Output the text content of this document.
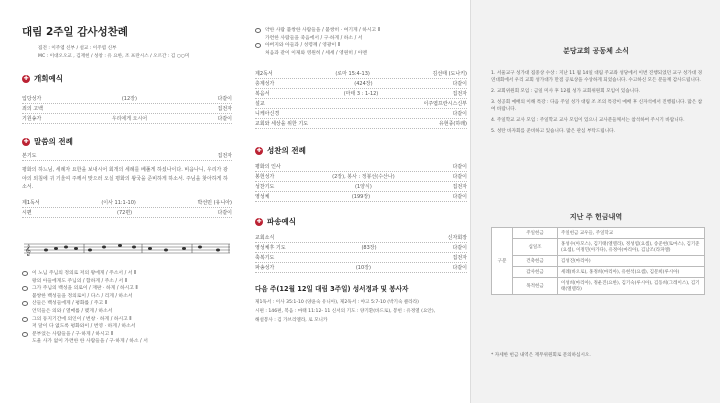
대림 2주일 감사성찬례
집전 : 이주엽 신부 / 설교 : 이주엽 신부
MC : 이대오오교 , 김재헌 / 성창 : 유 요한, 조 프란시스 / 오르간 : 김 ○○미
✚ 개회예식
입당성가	(12장)	다같이
죄의 고백	집전자
기원송가	우리에게 오시어	다같이
✚ 말씀의 전례
본기도	집전자
평화의 하느님, 세례자 요한을 보내시어 회개의 세례를 베풀게 하셨나이다. 비옵나니, 우리가 광야의 외침에 귀 기울여 주께서 맞으러 오실 평화의 왕국을 준비하게 하소서. 주님을 찾아하게 하소서.
제1독서	(이사 11:1-10)	박선민 (유니아)
시편	(72편)	다같이
𝄞
이 노님 주님의 정의로 저의 왕에게 / 주소서 / 서 Ⅱ
왕의 아들에게도 주님의 / 함하게 / 주소 / 서 Ⅱ
그가 주님의 백성을 의로이 / 재판 · 하게 / 하시고 Ⅱ
불쌍한 백성들을 정의로이 / 다스 / 리게 / 하소서
산들은 백성들에게 / 평화를 / 주고 Ⅱ
언덕들은 의와 / 열매를 / 맺게 / 하소서
그의 동지기간에 의인이 / 번창 · 하게 / 하시고 Ⅱ
저 달이 다 없도록 평화와이 / 번영 · 하게 / 하소서
분부었는 사람들을 / 구·하게 / 하시고 Ⅱ
도울 사가 없이 가련한 한 사람들을 / 구·하게 / 하소 / 서
약한 사람 불쌍한 사람들을 / 불쌍히 · 여기게 / 하시고 Ⅱ
가련한 사람들을 죽음에서 / 구·하게 / 하소 / 서
아버지와 아들과 / 성령께 / 영광이 Ⅱ
처음과 같이 이제와 영원히 / 세세 / 영원히 / 아멘
제2독서	(로마 15:4-13)	김선태 (도나키)
층계성가	(424장)	다같이
복음서	(마태 3 : 1-12)	집전자
설교	이주엽프란시스신부
니케아신경	다같이
교회와 세상을 위한 기도	유현종(하래)
✚ 성찬의 전례
평화의 인사	다같이
봉헌성가	(2장), 봉사 : 정봉선(수산나)	다같이
성찬기도	(1양식)	집전자
영성체	(199장)	다같이
✚ 파송예식
교회소식	신자회장
영성체후 기도	(83장)	다같이
축복기도	집전자
파송성가	(10장)	다같이
다음 주(12월 12일 대림 3주일) 성서정과 및 봉사자
제1독서 : 이사 35:1-10 (양윤숙 유니아), 제2독서 : 야고 5:7-10 (박기숙 클라라)
시편 : 146편, 복음 : 마태 11:12- 11 신서의 기도 : 양기환(바드로), 봉헌 : 유정열 (요안),
해설봉사 : 김 가브리엘라, 로 모니카
분당교회 공동체 소식

1. 서울교구 성가대 집중상 수상 : 지난 11 월 14일 대림 주교좌 성당에서 이번 진행되었던 교구 성가대 경연대회에서 우리 교회 성가대가 만점 공로상을 수상하게 되었습니다. 수고하신 모든 분들께 감사드립니다.

2. 교회위원회 모임 : 금일 미사 후 12월 성가 교회위원회 모임이 있습니다.

3. 성공회 예배의 이해 특강 : 다음 주일 성가 대림 조 조의 특강이 예배 후 신자석에서 진행됩니다. 많은 참여 바랍니다.

4. 주일학교 교사 모임 : 주일학교 교사 모임이 있으니 교사분들께서는 참석하여 주시기 바랍니다.

5. 성탄 바자회를 준비하고 있습니다. 많은 관심 부탁드립니다.

지난 주 헌금내역
구분	주일헌금	주일헌금 교우들, 주일학교
	십일조	홍성수(아모스), 김기태(엘렐라), 정성엽(요셉), 송준현(토마스), 김기준(요셉), 이정민(아가다), 유정아(마리아), 김남조(라파엘)
	건축헌금	김성진(마리아)
	감사헌금	세례(바오로), 홍정희(마리아), 유현석(요셉), 김문희(루시아)
	목적헌금	이성희(마리아), 정운진(요한), 김기숙(루시아), 김동희(그레이스), 김기태(엘렐라)
* 자세한 헌금 내역은 재무위원회로 문의하십시오.
